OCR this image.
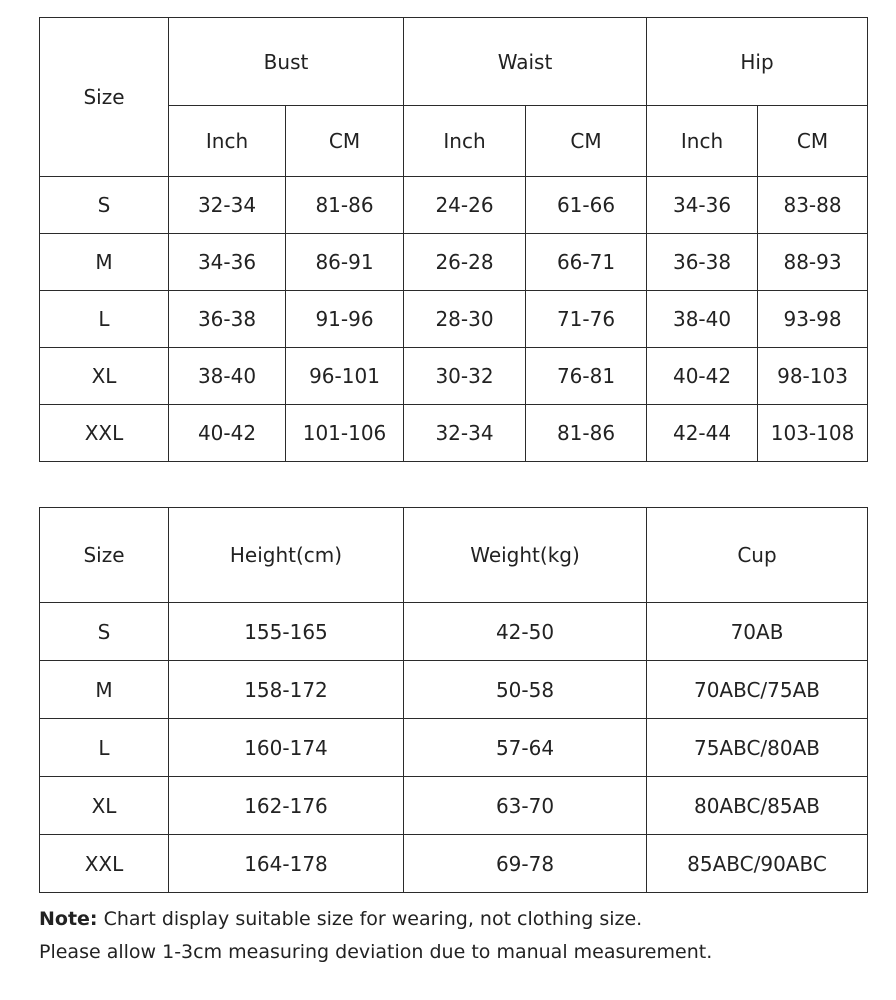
Size	Bust		Waist		Hip	
	Inch	CM	Inch	CM	Inch	CM
S	32-34	81-86	24-26	61-66	34-36	83-88
M	34-36	86-91	26-28	66-71	36-38	88-93
L	36-38	91-96	28-30	71-76	38-40	93-98
XL	38-40	96-101	30-32	76-81	40-42	98-103
XXL	40-42	101-106	32-34	81-86	42-44	103-108
Size	Height(cm)	Weight(kg)	Cup
S	155-165	42-50	70AB
M	158-172	50-58	70ABC/75AB
L	160-174	57-64	75ABC/80AB
XL	162-176	63-70	80ABC/85AB
XXL	164-178	69-78	85ABC/90ABC
Note: Chart display suitable size for wearing, not clothing size.
Please allow 1-3cm measuring deviation due to manual measurement.
